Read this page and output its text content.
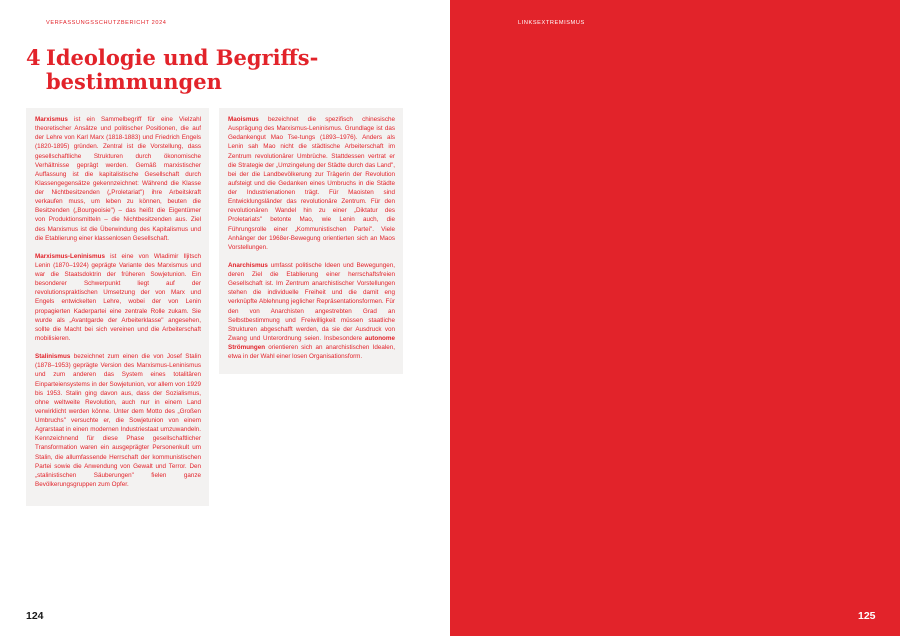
VERFASSUNGSSCHUTZBERICHT 2024
4 Ideologie und Begriffs-bestimmungen

Marxismus ist ein Sammelbegriff für eine Vielzahl theoretischer Ansätze und politischer Positionen, die auf der Lehre von Karl Marx (1818-1883) und Friedrich Engels (1820-1895) gründen. Zentral ist die Vorstellung, dass gesellschaftliche Strukturen durch ökonomische Verhältnisse geprägt werden. Gemäß marxistischer Auffassung ist die kapitalistische Gesellschaft durch Klassengegensätze gekennzeichnet: Während die Klasse der Nichtbesitzenden („Proletariat") ihre Arbeitskraft verkaufen muss, um leben zu können, beuten die Besitzenden („Bourgeoisie") – das heißt die Eigentümer von Produktionsmitteln – die Nichtbesitzenden aus. Ziel des Marxismus ist die Überwindung des Kapitalismus und die Etablierung einer klassenlosen Gesellschaft.

Marxismus-Leninismus ist eine von Wladimir Iljitsch Lenin (1870–1924) geprägte Variante des Marxismus und war die Staatsdoktrin der früheren Sowjetunion. Ein besonderer Schwerpunkt liegt auf der revolutionspraktischen Umsetzung der von Marx und Engels entwickelten Lehre, wobei der von Lenin propagierten Kaderpartei eine zentrale Rolle zukam. Sie wurde als „Avantgarde der Arbeiterklasse" angesehen, sollte die Macht bei sich vereinen und die Arbeiterschaft mobilisieren.

Stalinismus bezeichnet zum einen die von Josef Stalin (1878–1953) geprägte Version des Marxismus-Leninismus und zum anderen das System eines totalitären Einparteiensystems in der Sowjetunion, vor allem von 1929 bis 1953. Stalin ging davon aus, dass der Sozialismus, ohne weltweite Revolution, auch nur in einem Land verwirklicht werden könne. Unter dem Motto des „Großen Umbruchs" versuchte er, die Sowjetunion von einem Agrarstaat in einen modernen Industriestaat umzuwandeln. Kennzeichnend für diese Phase gesellschaftlicher Transformation waren ein ausgeprägter Personenkult um Stalin, die allumfassende Herrschaft der kommunistischen Partei sowie die Anwendung von Gewalt und Terror. Den „stalinistischen Säuberungen" fielen ganze Bevölkerungsgruppen zum Opfer.

Maoismus bezeichnet die spezifisch chinesische Ausprägung des Marxismus-Leninismus. Grundlage ist das Gedankengut Mao Tse-tungs (1893–1976). Anders als Lenin sah Mao nicht die städtische Arbeiterschaft im Zentrum revolutionärer Umbrüche. Stattdessen vertrat er die Strategie der „Umzingelung der Städte durch das Land", bei der die Landbevölkerung zur Trägerin der Revolution aufsteigt und die Gedanken eines Umbruchs in die Städte der Industrienationen trägt. Für Maoisten sind Entwicklungsländer das revolutionäre Zentrum. Für den revolutionären Wandel hin zu einer „Diktatur des Proletariats" betonte Mao, wie Lenin auch, die Führungsrolle einer „Kommunistischen Partei". Viele Anhänger der 1968er-Bewegung orientierten sich an Maos Vorstellungen.

Anarchismus umfasst politische Ideen und Bewegungen, deren Ziel die Etablierung einer herrschaftsfreien Gesellschaft ist. Im Zentrum anarchistischer Vorstellungen stehen die individuelle Freiheit und die damit eng verknüpfte Ablehnung jeglicher Repräsentationsformen. Für den von Anarchisten angestrebten Grad an Selbstbestimmung und Freiwilligkeit müssen staatliche Strukturen abgeschafft werden, da sie der Ausdruck von Zwang und Unterordnung seien. Insbesondere autonome Strömungen orientieren sich an anarchistischen Idealen, etwa in der Wahl einer losen Organisationsform.

124
LINKSEXTREMISMUS
125
